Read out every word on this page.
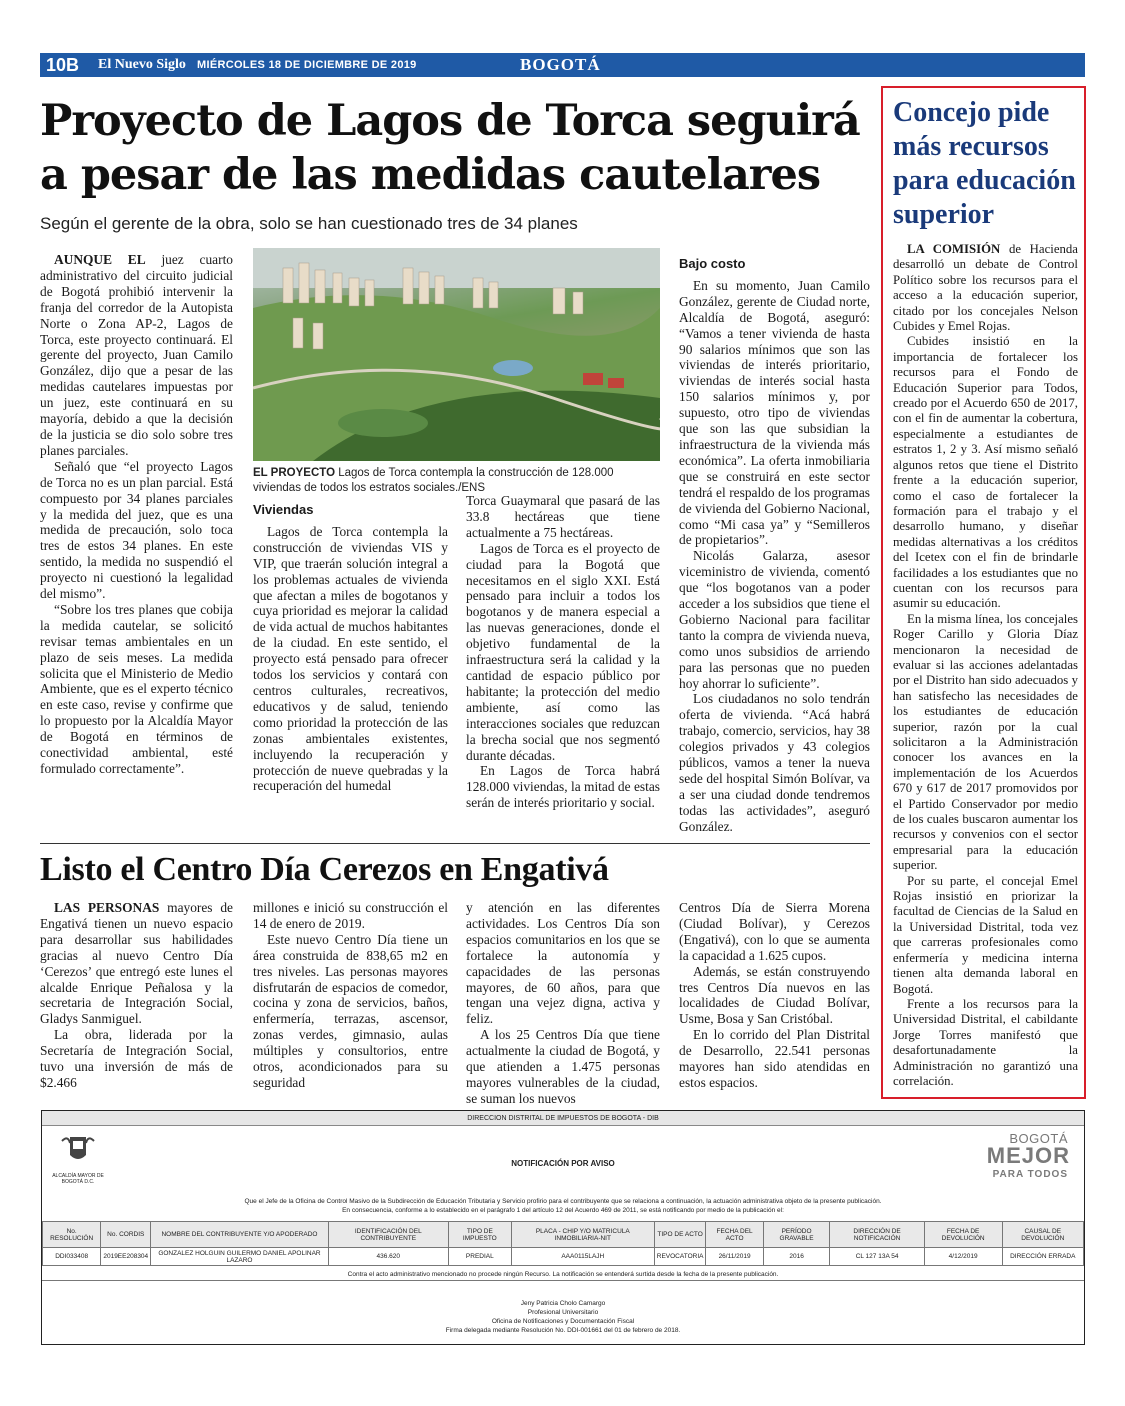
10B El Nuevo Siglo MIÉRCOLES 18 DE DICIEMBRE DE 2019	BOGOTÁ
Proyecto de Lagos de Torca seguirá a pesar de las medidas cautelares
Según el gerente de la obra, solo se han cuestionado tres de 34 planes

AUNQUE EL juez cuarto administrativo del circuito judicial de Bogotá prohibió intervenir la franja del corredor de la Autopista Norte o Zona AP-2, Lagos de Torca, este proyecto continuará. El gerente del proyecto, Juan Camilo González, dijo que a pesar de las medidas cautelares impuestas por un juez, este continuará en su mayoría, debido a que la decisión de la justicia se dio solo sobre tres planes parciales.

Señaló que “el proyecto Lagos de Torca no es un plan parcial. Está compuesto por 34 planes parciales y la medida del juez, que es una medida de precaución, solo toca tres de estos 34 planes. En este sentido, la medida no suspendió el proyecto ni cuestionó la legalidad del mismo”.

“Sobre los tres planes que cobija la medida cautelar, se solicitó revisar temas ambientales en un plazo de seis meses. La medida solicita que el Ministerio de Medio Ambiente, que es el experto técnico en este caso, revise y confirme que lo propuesto por la Alcaldía Mayor de Bogotá en términos de conectividad ambiental, esté formulado correctamente”.

EL PROYECTO Lagos de Torca contempla la construcción de 128.000 viviendas de todos los estratos sociales./ENS
Viviendas

Lagos de Torca contempla la construcción de viviendas VIS y VIP, que traerán solución integral a los problemas actuales de vivienda que afectan a miles de bogotanos y cuya prioridad es mejorar la calidad de vida actual de muchos habitantes de la ciudad. En este sentido, el proyecto está pensado para ofrecer todos los servicios y contará con centros culturales, recreativos, educativos y de salud, teniendo como prioridad la protección de las zonas ambientales existentes, incluyendo la recuperación y protección de nueve quebradas y la recuperación del humedal

Torca Guaymaral que pasará de las 33.8 hectáreas que tiene actualmente a 75 hectáreas.

Lagos de Torca es el proyecto de ciudad para la Bogotá que necesitamos en el siglo XXI. Está pensado para incluir a todos los bogotanos y de manera especial a las nuevas generaciones, donde el objetivo fundamental de la infraestructura será la calidad y la cantidad de espacio público por habitante; la protección del medio ambiente, así como las interacciones sociales que reduzcan la brecha social que nos segmentó durante décadas.

En Lagos de Torca habrá 128.000 viviendas, la mitad de estas serán de interés prioritario y social.

Bajo costo

En su momento, Juan Camilo González, gerente de Ciudad norte, Alcaldía de Bogotá, aseguró: “Vamos a tener vivienda de hasta 90 salarios mínimos que son las viviendas de interés prioritario, viviendas de interés social hasta 150 salarios mínimos y, por supuesto, otro tipo de viviendas que son las que subsidian la infraestructura de la vivienda más económica”. La oferta inmobiliaria que se construirá en este sector tendrá el respaldo de los programas de vivienda del Gobierno Nacional, como “Mi casa ya” y “Semilleros de propietarios”.

Nicolás Galarza, asesor viceministro de vivienda, comentó que “los bogotanos van a poder acceder a los subsidios que tiene el Gobierno Nacional para facilitar tanto la compra de vivienda nueva, como unos subsidios de arriendo para las personas que no pueden hoy ahorrar lo suficiente”.

Los ciudadanos no solo tendrán oferta de vivienda. “Acá habrá trabajo, comercio, servicios, hay 38 colegios privados y 43 colegios públicos, vamos a tener la nueva sede del hospital Simón Bolívar, va a ser una ciudad donde tendremos todas las actividades”, aseguró González.

Listo el Centro Día Cerezos en Engativá

LAS PERSONAS mayores de Engativá tienen un nuevo espacio para desarrollar sus habilidades gracias al nuevo Centro Día ‘Cerezos’ que entregó este lunes el alcalde Enrique Peñalosa y la secretaria de Integración Social, Gladys Sanmiguel.

La obra, liderada por la Secretaría de Integración Social, tuvo una inversión de más de $2.466

millones e inició su construcción el 14 de enero de 2019.

Este nuevo Centro Día tiene un área construida de 838,65 m2 en tres niveles. Las personas mayores disfrutarán de espacios de comedor, cocina y zona de servicios, baños, enfermería, terrazas, ascensor, zonas verdes, gimnasio, aulas múltiples y consultorios, entre otros, acondicionados para su seguridad

y atención en las diferentes actividades. Los Centros Día son espacios comunitarios en los que se fortalece la autonomía y capacidades de las personas mayores, de 60 años, para que tengan una vejez digna, activa y feliz.

A los 25 Centros Día que tiene actualmente la ciudad de Bogotá, y que atienden a 1.475 personas mayores vulnerables de la ciudad, se suman los nuevos

Centros Día de Sierra Morena (Ciudad Bolívar), y Cerezos (Engativá), con lo que se aumenta la capacidad a 1.625 cupos.

Además, se están construyendo tres Centros Día nuevos en las localidades de Ciudad Bolívar, Usme, Bosa y San Cristóbal.

En lo corrido del Plan Distrital de Desarrollo, 22.541 personas mayores han sido atendidas en estos espacios.

Concejo pide más recursos para educación superior

LA COMISIÓN de Hacienda desarrolló un debate de Control Político sobre los recursos para el acceso a la educación superior, citado por los concejales Nelson Cubides y Emel Rojas.

Cubides insistió en la importancia de fortalecer los recursos para el Fondo de Educación Superior para Todos, creado por el Acuerdo 650 de 2017, con el fin de aumentar la cobertura, especialmente a estudiantes de estratos 1, 2 y 3. Así mismo señaló algunos retos que tiene el Distrito frente a la educación superior, como el caso de fortalecer la formación para el trabajo y el desarrollo humano, y diseñar medidas alternativas a los créditos del Icetex con el fin de brindarle facilidades a los estudiantes que no cuentan con los recursos para asumir su educación.

En la misma línea, los concejales Roger Carillo y Gloria Díaz mencionaron la necesidad de evaluar si las acciones adelantadas por el Distrito han sido adecuados y han satisfecho las necesidades de los estudiantes de educación superior, razón por la cual solicitaron a la Administración conocer los avances en la implementación de los Acuerdos 670 y 617 de 2017 promovidos por el Partido Conservador por medio de los cuales buscaron aumentar los recursos y convenios con el sector empresarial para la educación superior.

Por su parte, el concejal Emel Rojas insistió en priorizar la facultad de Ciencias de la Salud en la Universidad Distrital, toda vez que carreras profesionales como enfermería y medicina interna tienen alta demanda laboral en Bogotá.

Frente a los recursos para la Universidad Distrital, el cabildante Jorge Torres manifestó que desafortunadamente la Administración no garantizó una correlación.

DIRECCION DISTRITAL DE IMPUESTOS DE BOGOTA - DIB
ALCALDÍA MAYOR DE BOGOTÁ D.C.
NOTIFICACIÓN POR AVISO
BOGOTÁ
MEJOR
PARA TODOS
Que el Jefe de la Oficina de Control Masivo de la Subdirección de Educación Tributaria y Servicio profirio para el contribuyente que se relaciona a continuación, la actuación administrativa objeto de la presente publicación.
En consecuencia, conforme a lo establecido en el parágrafo 1 del artículo 12 del Acuerdo 469 de 2011, se está notificando por medio de la publicación el:
No. RESOLUCIÓN	No. CORDIS	NOMBRE DEL CONTRIBUYENTE Y/O APODERADO	IDENTIFICACIÓN DEL CONTRIBUYENTE	TIPO DE IMPUESTO	PLACA - CHIP Y/O MATRICULA INMOBILIARIA-NIT	TIPO DE ACTO	FECHA DEL ACTO	PERÍODO GRAVABLE	DIRECCIÓN DE NOTIFICACIÓN	FECHA DE DEVOLUCIÓN	CAUSAL DE DEVOLUCIÓN
DDI033408	2019EE208304	GONZALEZ HOLGUIN GUILERMO DANIEL APOLINAR LAZARO	436.620	PREDIAL	AAA0115LAJH	REVOCATORIA	26/11/2019	2016	CL 127 13A 54	4/12/2019	DIRECCIÓN ERRADA
Contra el acto administrativo mencionado no procede ningún Recurso. La notificación se entenderá surtida desde la fecha de la presente publicación.
Jeny Patricia Cholo Camargo
Profesional Universitario
Oficina de Notificaciones y Documentación Fiscal
Firma delegada mediante Resolución No. DDI-001661 del 01 de febrero de 2018.
